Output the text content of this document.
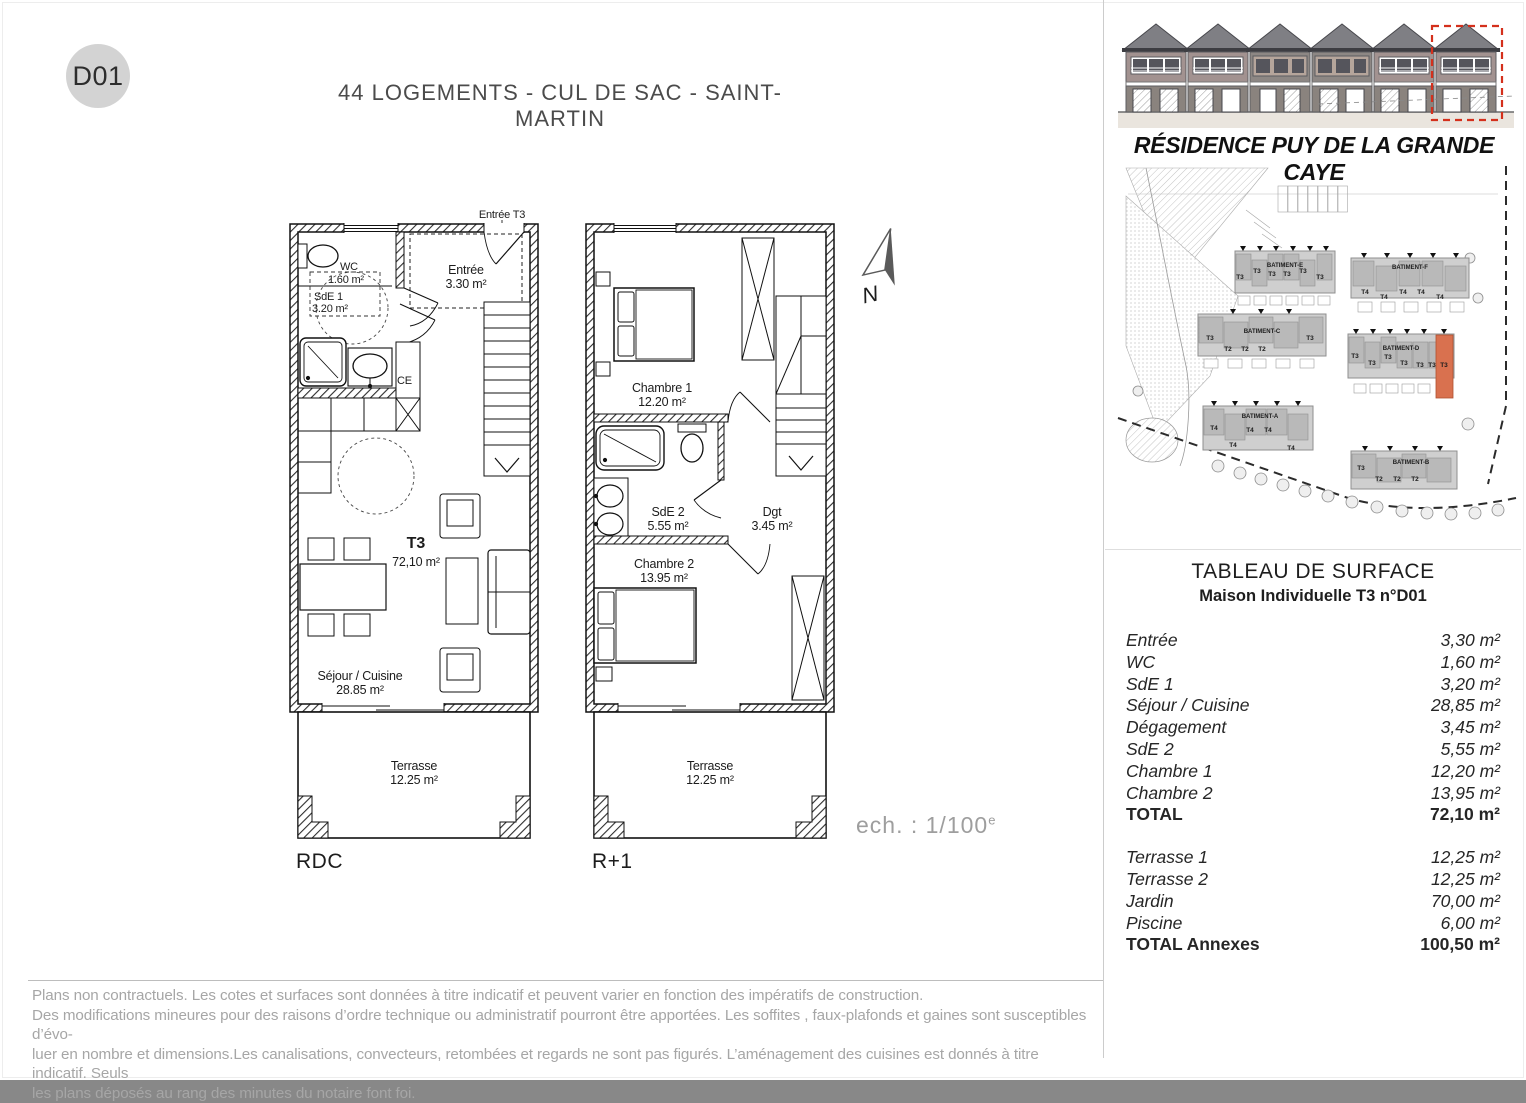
D01
44 LOGEMENTS - CUL DE SAC - SAINT-MARTIN
Entrée T3
Entrée
3.30 m²
WC
1.60 m²
SdE 1
3.20 m²
CE
T3
72,10 m²
Séjour / Cuisine
28.85 m²
Terrasse
12.25 m²
RDC
Chambre 1
12.20 m²
SdE 2
5.55 m²
Dgt
3.45 m²
Chambre 2
13.95 m²
Terrasse
12.25 m²
R+1
N
ech. : 1/100e
RÉSIDENCE PUY DE LA GRANDE CAYE
BATIMENT-E
T3
T3 T3 T3 T3
T3
BATIMENT-F
T4
T4
T4 T4
T4
BATIMENT-C
T3
T2 T2 T2
T3
BATIMENT-D
T3
T3
T3
T3 T3 T3 T3
BATIMENT-A
T4
T4
T4 T4
T4
BATIMENT-B
T3
T2 T2 T2
TABLEAU DE SURFACE
Maison Individuelle T3 n°D01
Entrée	3,30 m²
WC	1,60 m²
SdE 1	3,20 m²
Séjour / Cuisine	28,85 m²
Dégagement	3,45 m²
SdE 2	5,55 m²
Chambre 1	12,20 m²
Chambre 2	13,95 m²
TOTAL	72,10 m²
Terrasse 1	12,25 m²
Terrasse 2	12,25 m²
Jardin	70,00 m²
Piscine	6,00 m²
TOTAL Annexes	100,50 m²
Plans non contractuels. Les cotes et surfaces sont données à titre indicatif et peuvent varier en fonction des impératifs de construction.
Des modifications mineures pour des raisons d’ordre technique ou administratif pourront être apportées. Les soffites , faux-plafonds et gaines sont susceptibles d’évo-
luer en nombre et dimensions.Les canalisations, convecteurs, retombées et regards ne sont pas figurés. L’aménagement des cuisines est donnés à titre indicatif. Seuls
les plans déposés au rang des minutes du notaire font foi.
